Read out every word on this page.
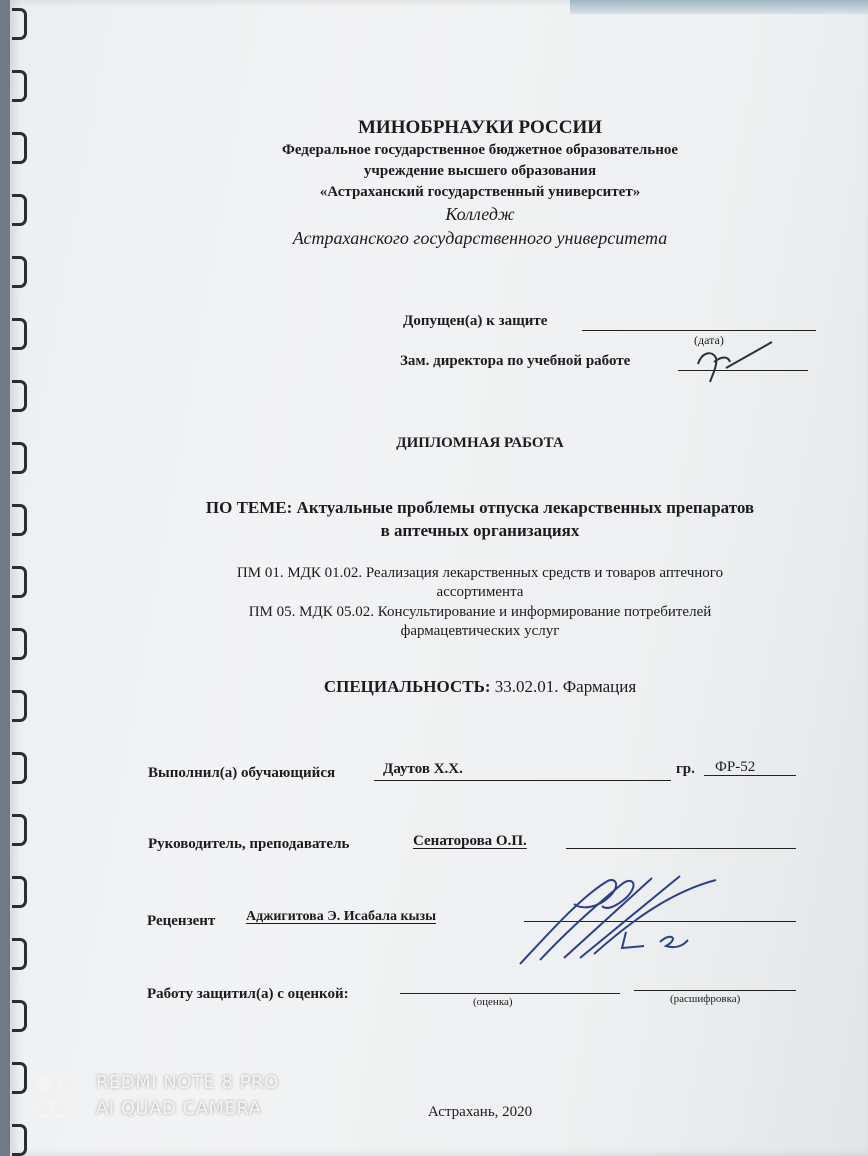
МИНОБРНАУКИ РОССИИ
Федеральное государственное бюджетное образовательное
учреждение высшего образования
«Астраханский государственный университет»
Колледж
Астраханского государственного университета
Допущен(а) к защите
(дата)
Зам. директора по учебной работе
ДИПЛОМНАЯ РАБОТА
ПО ТЕМЕ: Актуальные проблемы отпуска лекарственных препаратов
в аптечных организациях
ПМ 01. МДК 01.02. Реализация лекарственных средств и товаров аптечного
ассортимента
ПМ 05. МДК 05.02. Консультирование и информирование потребителей
фармацевтических услуг
СПЕЦИАЛЬНОСТЬ: 33.02.01. Фармация
Выполнил(а) обучающийся	Даутов Х.Х.	гр. ФР-52
Руководитель, преподаватель	Сенаторова О.П.
Рецензент Аджигитова Э. Исабала кызы
Работу защитил(а) с оценкой:	(оценка)	(расшифровка)
Астрахань, 2020
REDMI NOTE 8 PRO
AI QUAD CAMERA
